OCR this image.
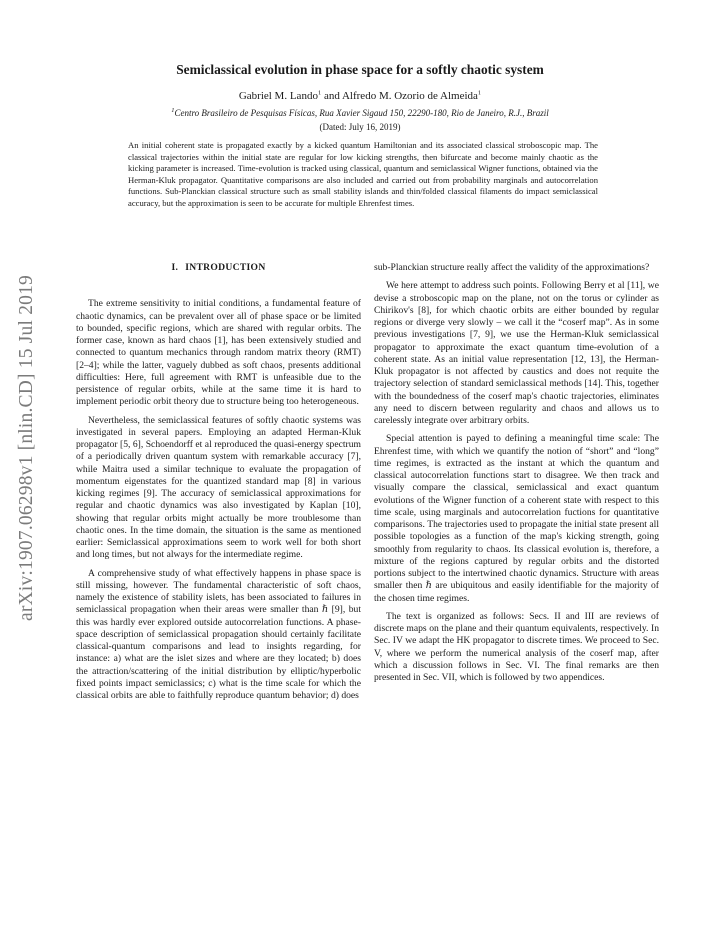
arXiv:1907.06298v1 [nlin.CD] 15 Jul 2019
Semiclassical evolution in phase space for a softly chaotic system
Gabriel M. Lando$^1$ and Alfredo M. Ozorio de Almeida$^1$
$^1$Centro Brasileiro de Pesquisas Físicas, Rua Xavier Sigaud 150, 22290-180, Rio de Janeiro, R.J., Brazil
(Dated: July 16, 2019)
An initial coherent state is propagated exactly by a kicked quantum Hamiltonian and its associated classical stroboscopic map. The classical trajectories within the initial state are regular for low kicking strengths, then bifurcate and become mainly chaotic as the kicking parameter is increased. Time-evolution is tracked using classical, quantum and semiclassical Wigner functions, obtained via the Herman-Kluk propagator. Quantitative comparisons are also included and carried out from probability marginals and autocorrelation functions. Sub-Planckian classical structure such as small stability islands and thin/folded classical filaments do impact semiclassical accuracy, but the approximation is seen to be accurate for multiple Ehrenfest times.
I. INTRODUCTION

The extreme sensitivity to initial conditions, a fundamental feature of chaotic dynamics, can be prevalent over all of phase space or be limited to bounded, specific regions, which are shared with regular orbits. The former case, known as hard chaos [1], has been extensively studied and connected to quantum mechanics through random matrix theory (RMT) [2–4]; while the latter, vaguely dubbed as soft chaos, presents additional difficulties: Here, full agreement with RMT is unfeasible due to the persistence of regular orbits, while at the same time it is hard to implement periodic orbit theory due to structure being too heterogeneous.

Nevertheless, the semiclassical features of softly chaotic systems was investigated in several papers. Employing an adapted Herman-Kluk propagator [5, 6], Schoendorff et al reproduced the quasi-energy spectrum of a periodically driven quantum system with remarkable accuracy [7], while Maitra used a similar technique to evaluate the propagation of momentum eigenstates for the quantized standard map [8] in various kicking regimes [9]. The accuracy of semiclassical approximations for regular and chaotic dynamics was also investigated by Kaplan [10], showing that regular orbits might actually be more troublesome than chaotic ones. In the time domain, the situation is the same as mentioned earlier: Semiclassical approximations seem to work well for both short and long times, but not always for the intermediate regime.

A comprehensive study of what effectively happens in phase space is still missing, however. The fundamental characteristic of soft chaos, namely the existence of stability islets, has been associated to failures in semiclassical propagation when their areas were smaller than ℏ [9], but this was hardly ever explored outside autocorrelation functions. A phase-space description of semiclassical propagation should certainly facilitate classical-quantum comparisons and lead to insights regarding, for instance: a) what are the islet sizes and where are they located; b) does the attraction/scattering of the initial distribution by elliptic/hyperbolic fixed points impact semiclassics; c) what is the time scale for which the classical orbits are able to faithfully reproduce quantum behavior; d) does

sub-Planckian structure really affect the validity of the approximations?

We here attempt to address such points. Following Berry et al [11], we devise a stroboscopic map on the plane, not on the torus or cylinder as Chirikov's [8], for which chaotic orbits are either bounded by regular regions or diverge very slowly – we call it the “coserf map”. As in some previous investigations [7, 9], we use the Herman-Kluk semiclassical propagator to approximate the exact quantum time-evolution of a coherent state. As an initial value representation [12, 13], the Herman-Kluk propagator is not affected by caustics and does not requite the trajectory selection of standard semiclassical methods [14]. This, together with the boundedness of the coserf map's chaotic trajectories, eliminates any need to discern between regularity and chaos and allows us to carelessly integrate over arbitrary orbits.

Special attention is payed to defining a meaningful time scale: The Ehrenfest time, with which we quantify the notion of “short” and “long” time regimes, is extracted as the instant at which the quantum and classical autocorrelation functions start to disagree. We then track and visually compare the classical, semiclassical and exact quantum evolutions of the Wigner function of a coherent state with respect to this time scale, using marginals and autocorrelation fuctions for quantitative comparisons. The trajectories used to propagate the initial state present all possible topologies as a function of the map's kicking strength, going smoothly from regularity to chaos. Its classical evolution is, therefore, a mixture of the regions captured by regular orbits and the distorted portions subject to the intertwined chaotic dynamics. Structure with areas smaller then ℏ are ubiquitous and easily identifiable for the majority of the chosen time regimes.

The text is organized as follows: Secs. II and III are reviews of discrete maps on the plane and their quantum equivalents, respectively. In Sec. IV we adapt the HK propagator to discrete times. We proceed to Sec. V, where we perform the numerical analysis of the coserf map, after which a discussion follows in Sec. VI. The final remarks are then presented in Sec. VII, which is followed by two appendices.
